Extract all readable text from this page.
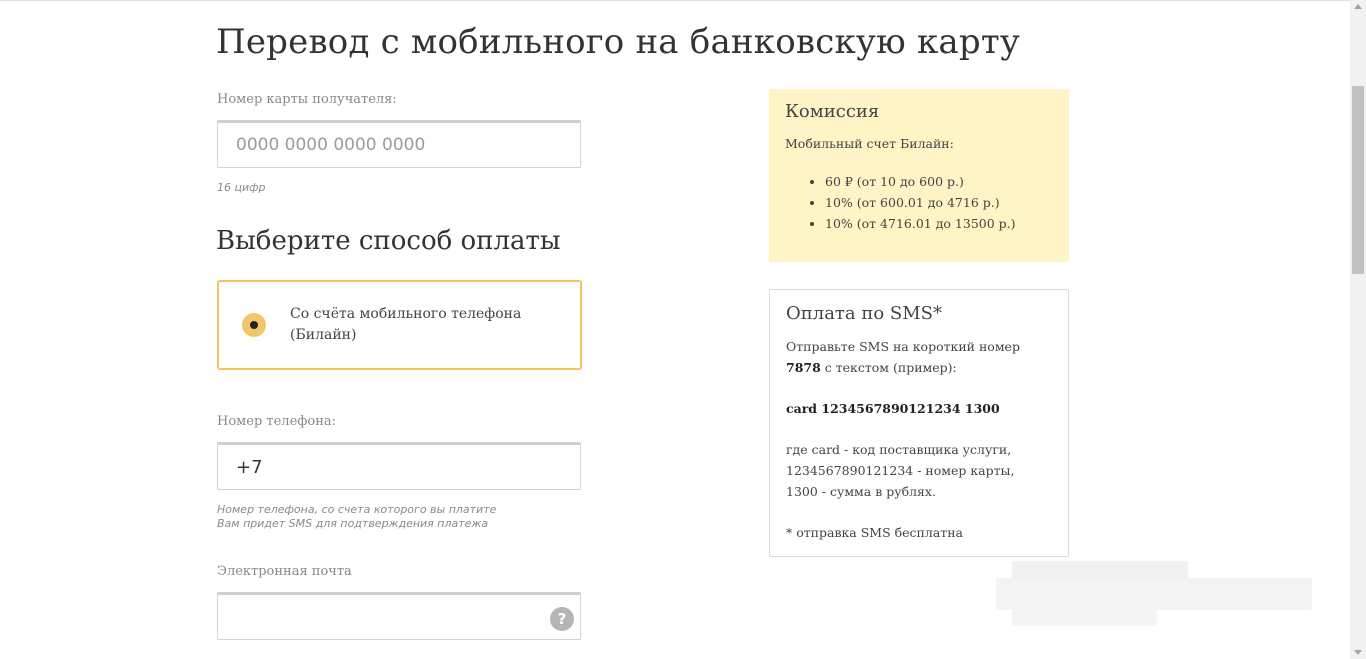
Перевод с мобильного на банковскую карту
Номер карты получателя:
0000 0000 0000 0000
16 цифр
Выберите способ оплаты
Со счёта мобильного телефона
(Билайн)
Номер телефона:
+7
Номер телефона, со счета которого вы платите
Вам придет SMS для подтверждения платежа
Электронная почта
?
Комиссия
Мобильный счет Билайн:
• 60 ₽ (от 10 до 600 р.)
• 10% (от 600.01 до 4716 р.)
• 10% (от 4716.01 до 13500 р.)
Оплата по SMS*

Отправьте SMS на короткий номер 7878 с текстом (пример):

card 1234567890121234 1300

где card - код поставщика услуги,

1234567890121234 - номер карты,

1300 - сумма в рублях.

* отправка SMS бесплатна
